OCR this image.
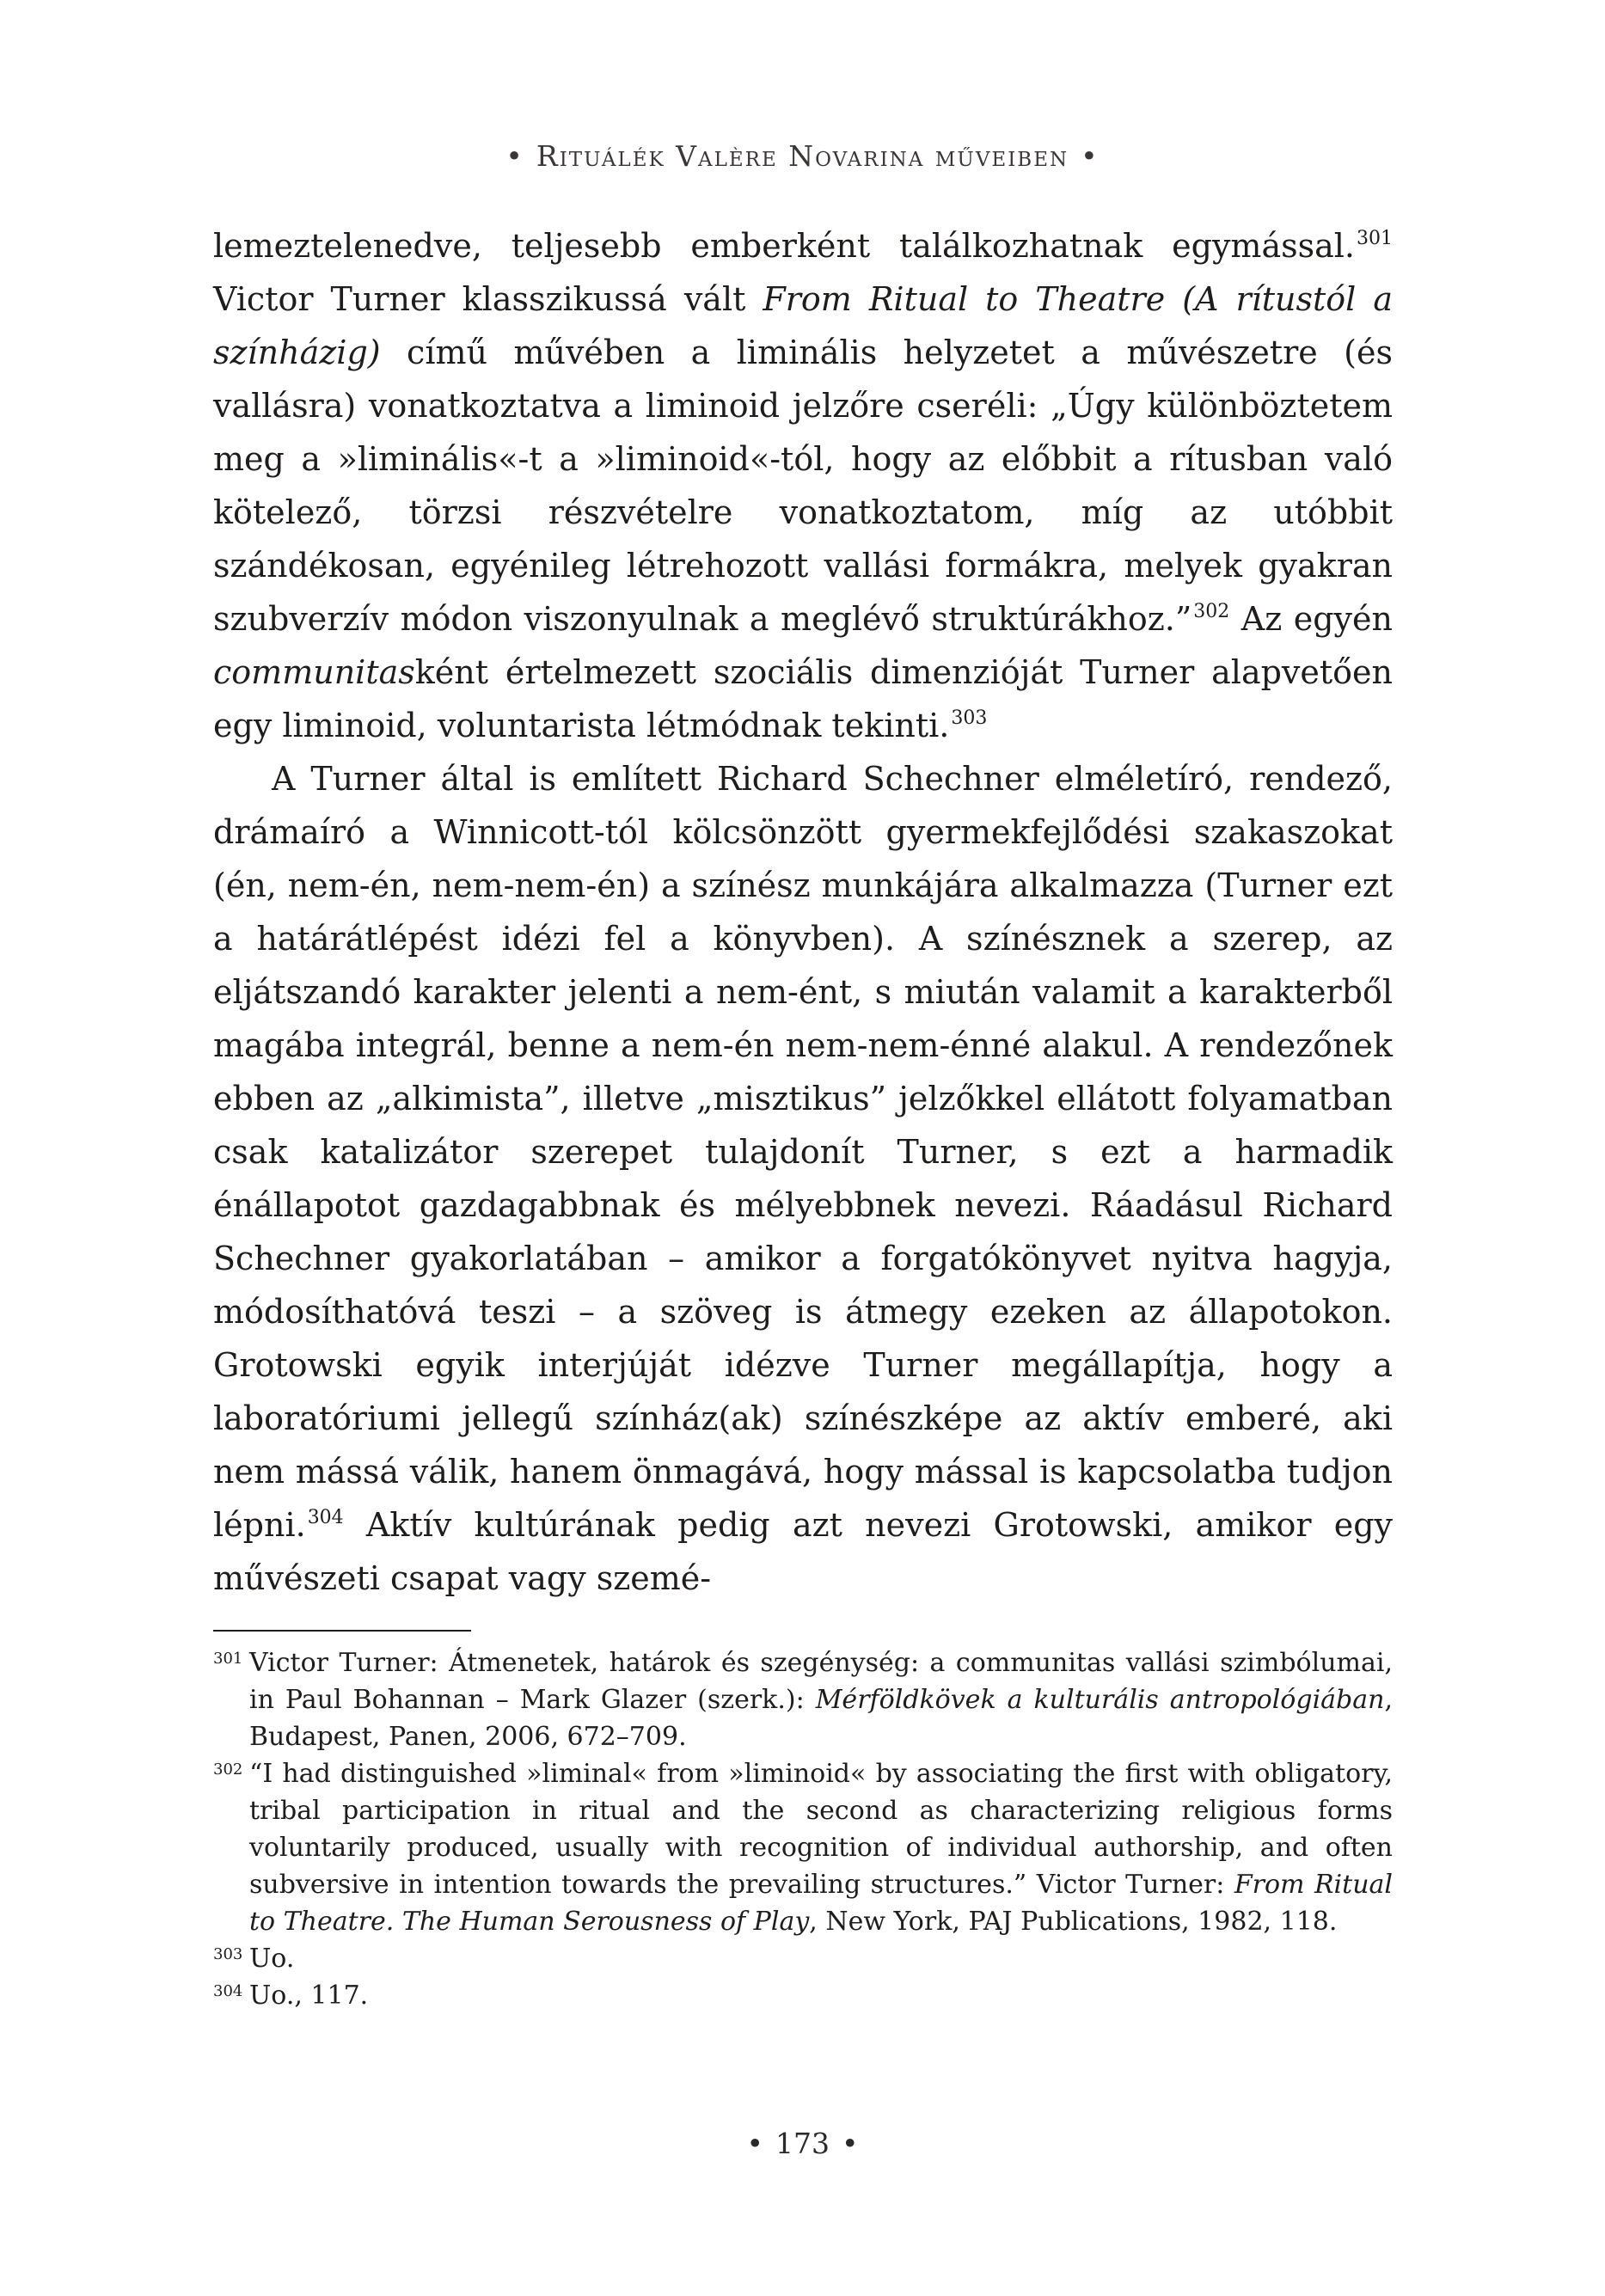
• Rituálék Valère Novarina műveiben •

lemeztelenedve, teljesebb emberként találkozhatnak egymással.$^{301}$ Victor Turner klasszikussá vált From Ritual to Theatre (A rítustól a színházig) című művében a liminális helyzetet a művészetre (és vallásra) vonatkoztatva a liminoid jelzőre cseréli: „Úgy különböztetem meg a »liminális«-t a »liminoid«-tól, hogy az előbbit a rítusban való kötelező, törzsi részvételre vonatkoztatom, míg az utóbbit szándékosan, egyénileg létrehozott vallási formákra, melyek gyakran szubverzív módon viszonyulnak a meglévő struktúrákhoz.”$^{302}$ Az egyén communitasként értelmezett szociális dimenzióját Turner alapvetően egy liminoid, voluntarista létmódnak tekinti.$^{303}$

A Turner által is említett Richard Schechner elméletíró, rendező, drámaíró a Winnicott-tól kölcsönzött gyermekfejlődési szakaszokat (én, nem-én, nem-nem-én) a színész munkájára alkalmazza (Turner ezt a határátlépést idézi fel a könyvben). A színésznek a szerep, az eljátszandó karakter jelenti a nem-ént, s miután valamit a karakterből magába integrál, benne a nem-én nem-nem-énné alakul. A rendezőnek ebben az „alkimista”, illetve „misztikus” jelzőkkel ellátott folyamatban csak katalizátor szerepet tulajdonít Turner, s ezt a harmadik énállapotot gazdagabbnak és mélyebbnek nevezi. Ráadásul Richard Schechner gyakorlatában – amikor a forgatókönyvet nyitva hagyja, módosíthatóvá teszi – a szöveg is átmegy ezeken az állapotokon. Grotowski egyik interjúját idézve Turner megállapítja, hogy a laboratóriumi jellegű színház(ak) színészképe az aktív emberé, aki nem mássá válik, hanem önmagává, hogy mással is kapcsolatba tudjon lépni.$^{304}$ Aktív kultúrának pedig azt nevezi Grotowski, amikor egy művészeti csapat vagy szemé-

301 Victor Turner: Átmenetek, határok és szegénység: a communitas vallási szimbólumai, in Paul Bohannan – Mark Glazer (szerk.): Mérföldkövek a kulturális antropológiában, Budapest, Panen, 2006, 672–709.
302 “I had distinguished »liminal« from »liminoid« by associating the first with obligatory, tribal participation in ritual and the second as characterizing religious forms voluntarily produced, usually with recognition of individual authorship, and often subversive in intention towards the prevailing structures.” Victor Turner: From Ritual to Theatre. The Human Serousness of Play, New York, PAJ Publications, 1982, 118.
303 Uo.
304 Uo., 117.
• 173 •
